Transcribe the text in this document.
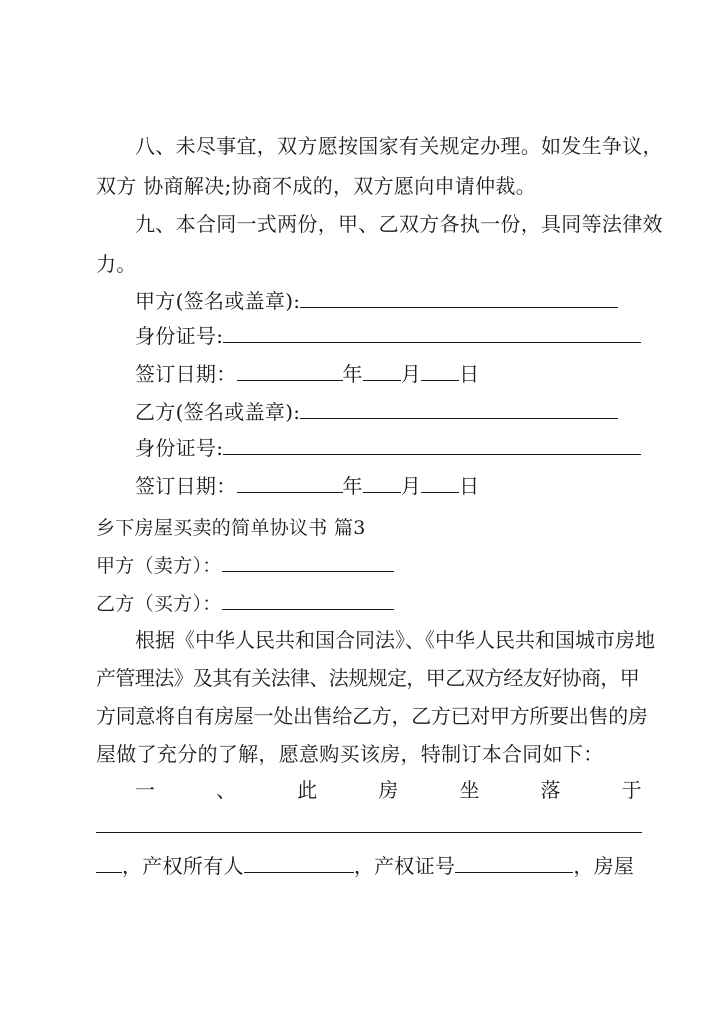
八、未尽事宜，双方愿按国家有关规定办理。如发生争议，
双方 协商解决;协商不成的，双方愿向申请仲裁。
九、本合同一式两份，甲、乙双方各执一份，具同等法律效
力。
甲方(签名或盖章):
身份证号:
签订日期：	年 月 日
乙方(签名或盖章):
身份证号:
签订日期：	年 月 日
乡下房屋买卖的简单协议书 篇3
甲方（卖方）：
乙方（买方）：
根据《中华人民共和国合同法》、《中华人民共和国城市房地
产管理法》及其有关法律、法规规定，甲乙双方经友好协商，甲
方同意将自有房屋一处出售给乙方，乙方已对甲方所要出售的房
屋做了充分的了解，愿意购买该房，特制订本合同如下：
一	、	此	房	坐	落	于
，产权所有人	，产权证号	，房屋
